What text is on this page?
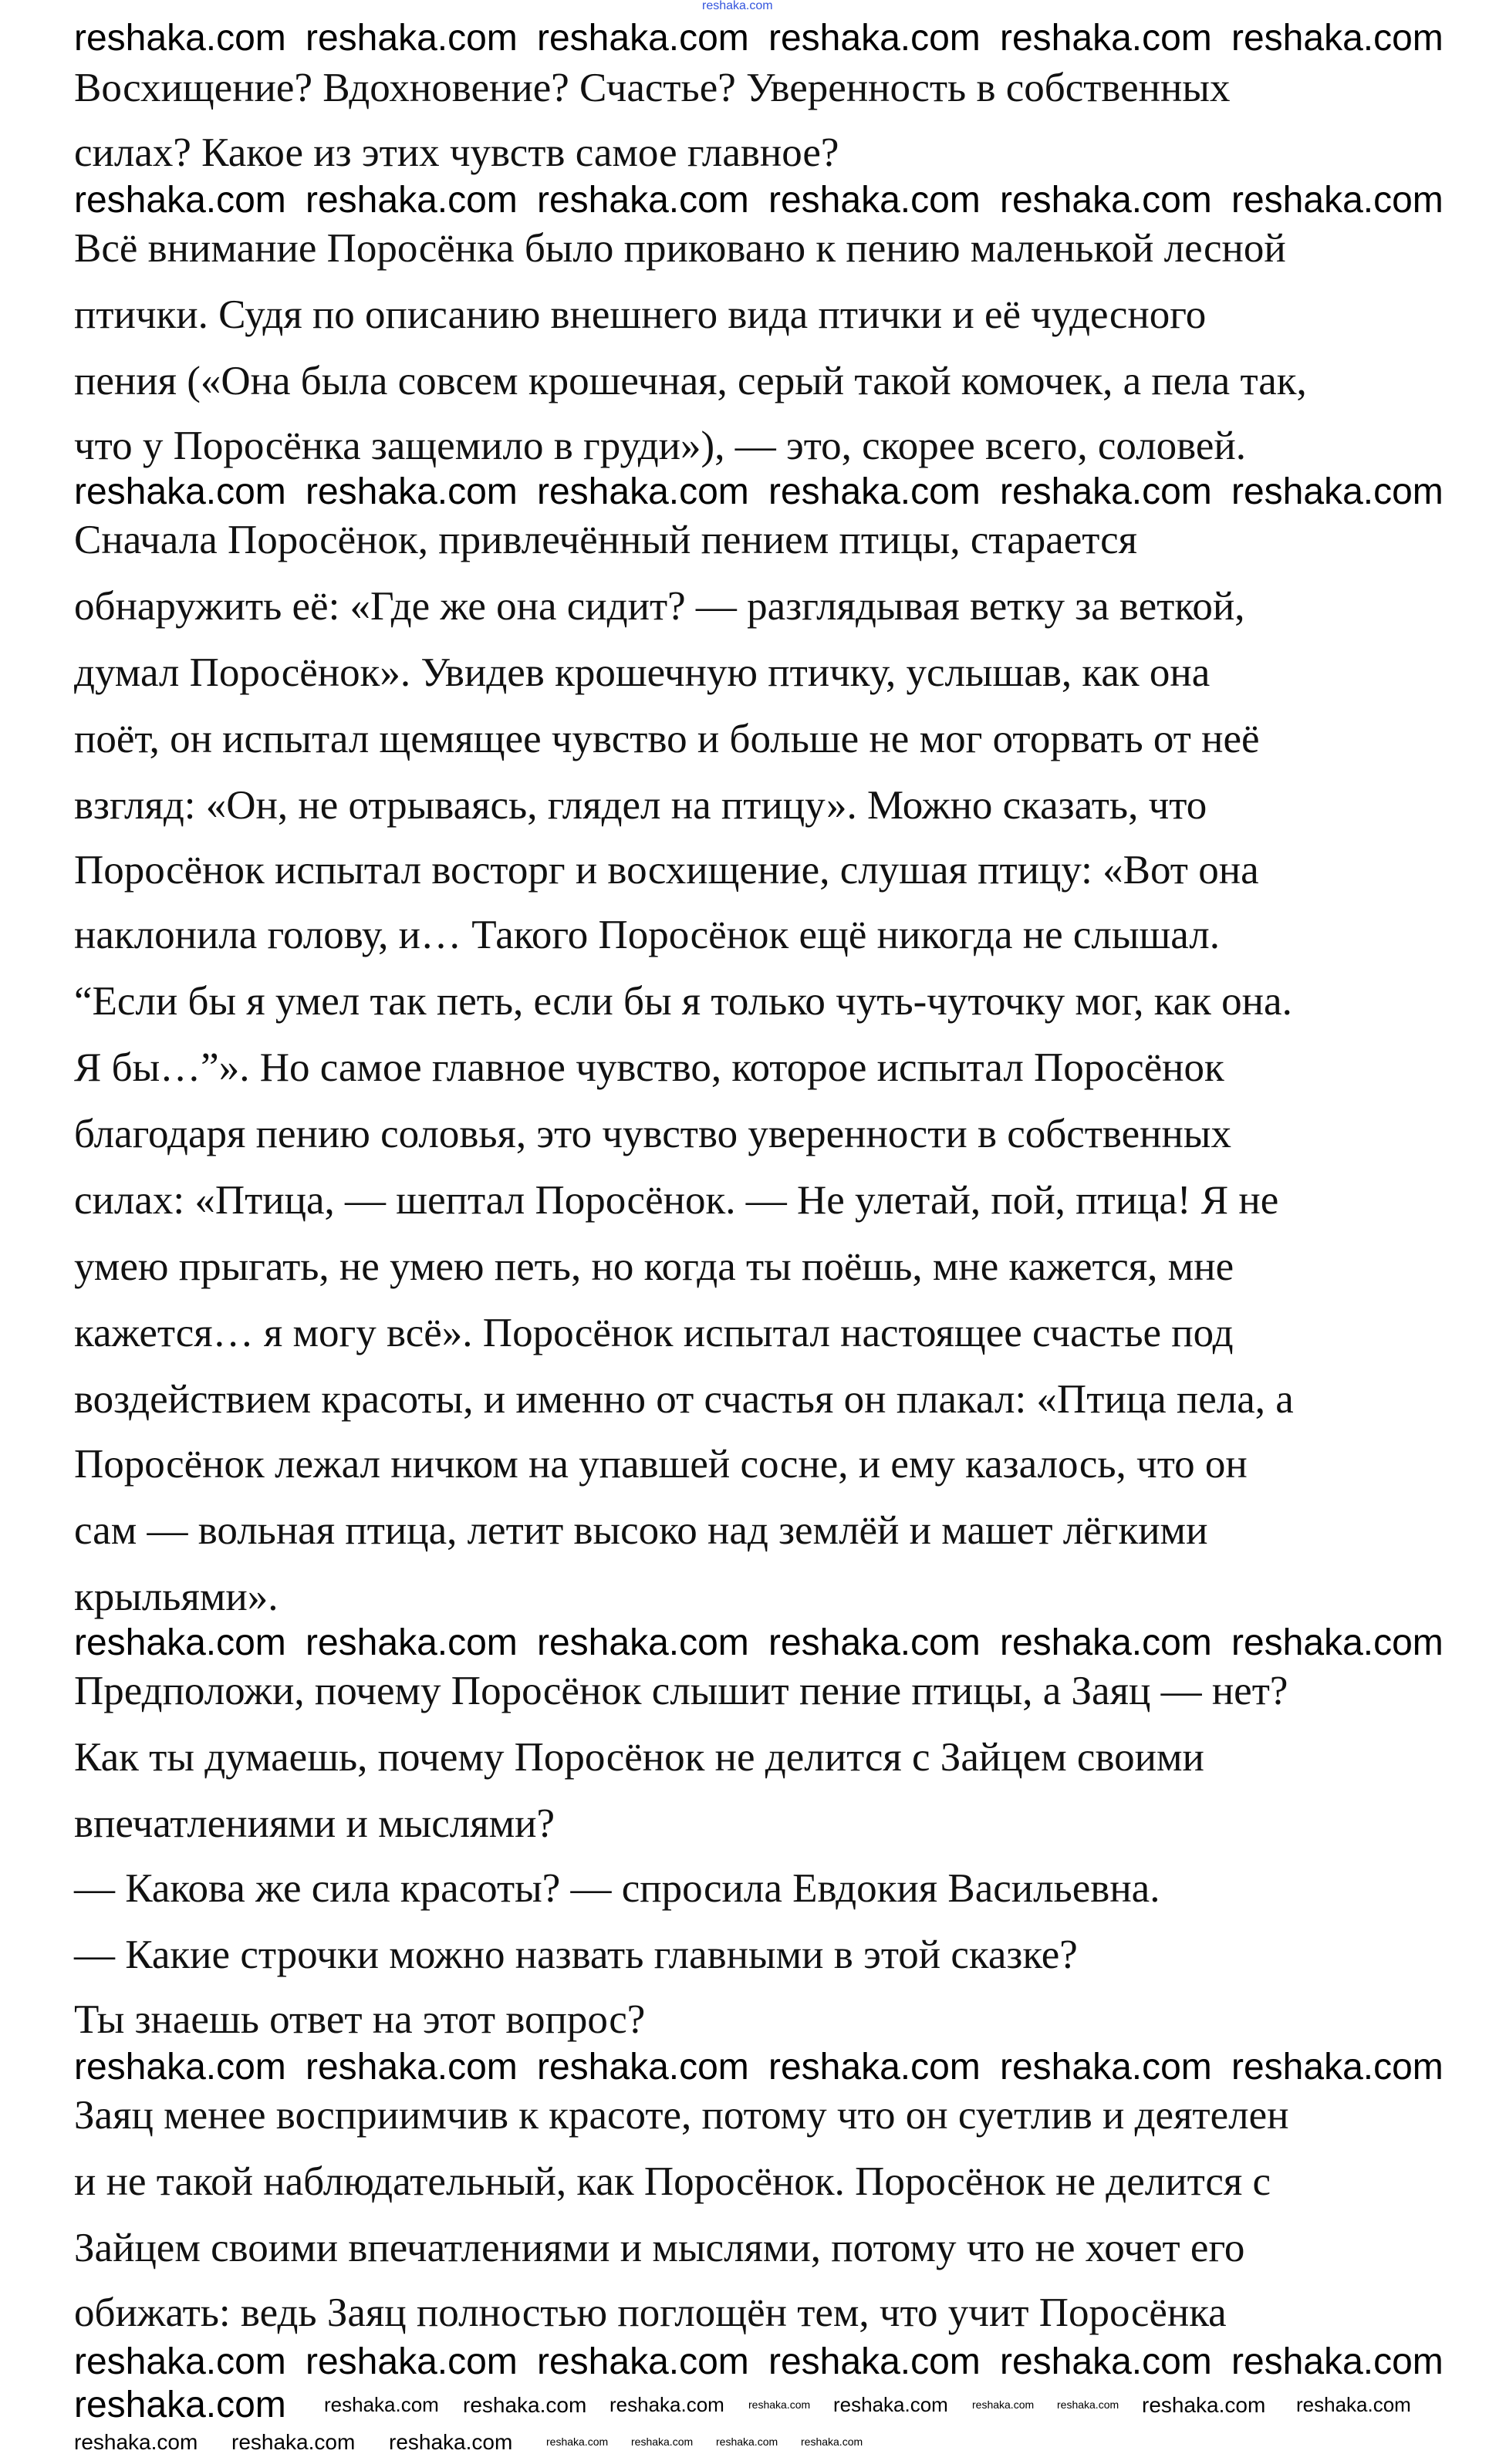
Восхищение? Вдохновение? Счастье? Уверенность в собственных
силах? Какое из этих чувств самое главное?
Всё внимание Поросёнка было приковано к пению маленькой лесной
птички. Судя по описанию внешнего вида птички и её чудесного
пения («Она была совсем крошечная, серый такой комочек, а пела так,
что у Поросёнка защемило в груди»), — это, скорее всего, соловей.
Сначала Поросёнок, привлечённый пением птицы, старается
обнаружить её: «Где же она сидит? — разглядывая ветку за веткой,
думал Поросёнок». Увидев крошечную птичку, услышав, как она
поёт, он испытал щемящее чувство и больше не мог оторвать от неё
взгляд: «Он, не отрываясь, глядел на птицу». Можно сказать, что
Поросёнок испытал восторг и восхищение, слушая птицу: «Вот она
наклонила голову, и… Такого Поросёнок ещё никогда не слышал.
“Если бы я умел так петь, если бы я только чуть-чуточку мог, как она.
Я бы…”». Но самое главное чувство, которое испытал Поросёнок
благодаря пению соловья, это чувство уверенности в собственных
силах: «Птица, — шептал Поросёнок. — Не улетай, пой, птица! Я не
умею прыгать, не умею петь, но когда ты поёшь, мне кажется, мне
кажется… я могу всё». Поросёнок испытал настоящее счастье под
воздействием красоты, и именно от счастья он плакал: «Птица пела, а
Поросёнок лежал ничком на упавшей сосне, и ему казалось, что он
сам — вольная птица, летит высоко над землёй и машет лёгкими
крыльями».
Предположи, почему Поросёнок слышит пение птицы, а Заяц — нет?
Как ты думаешь, почему Поросёнок не делится с Зайцем своими
впечатлениями и мыслями?
— Какова же сила красоты? — спросила Евдокия Васильевна.
— Какие строчки можно назвать главными в этой сказке?
Ты знаешь ответ на этот вопрос?
Заяц менее восприимчив к красоте, потому что он суетлив и деятелен
и не такой наблюдательный, как Поросёнок. Поросёнок не делится с
Зайцем своими впечатлениями и мыслями, потому что не хочет его
обижать: ведь Заяц полностью поглощён тем, что учит Поросёнка
reshaka.com
reshaka.com reshaka.com reshaka.com reshaka.com reshaka.com reshaka.com
reshaka.com reshaka.com reshaka.com reshaka.com reshaka.com reshaka.com
reshaka.com reshaka.com reshaka.com reshaka.com reshaka.com reshaka.com
reshaka.com reshaka.com reshaka.com reshaka.com reshaka.com reshaka.com
reshaka.com reshaka.com reshaka.com reshaka.com reshaka.com reshaka.com
reshaka.com reshaka.com reshaka.com reshaka.com reshaka.com reshaka.com
reshaka.com reshaka.com reshaka.com reshaka.com reshaka.com reshaka.com reshaka.com reshaka.com reshaka.com reshaka.com
reshaka.com reshaka.com reshaka.com	reshaka.com reshaka.com reshaka.com reshaka.com
